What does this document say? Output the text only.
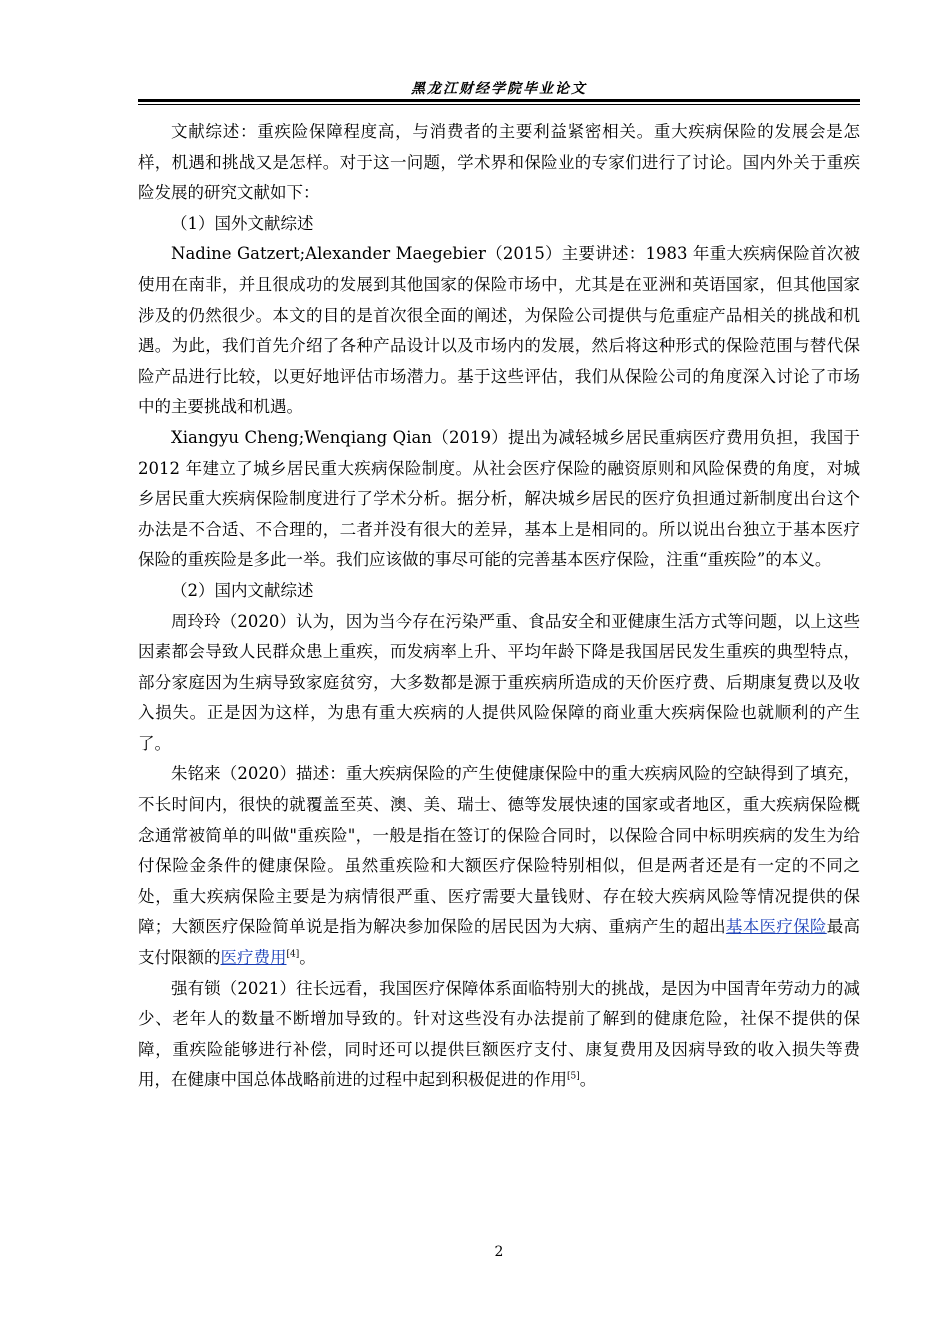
黑龙江财经学院毕业论文

文献综述：重疾险保障程度高，与消费者的主要利益紧密相关。重大疾病保险的发展会是怎样，机遇和挑战又是怎样。对于这一问题，学术界和保险业的专家们进行了讨论。国内外关于重疾险发展的研究文献如下：

（1）国外文献综述

Nadine Gatzert;Alexander Maegebier（2015）主要讲述：1983 年重大疾病保险首次被使用在南非，并且很成功的发展到其他国家的保险市场中，尤其是在亚洲和英语国家，但其他国家涉及的仍然很少。本文的目的是首次很全面的阐述，为保险公司提供与危重症产品相关的挑战和机遇。为此，我们首先介绍了各种产品设计以及市场内的发展，然后将这种形式的保险范围与替代保险产品进行比较，以更好地评估市场潜力。基于这些评估，我们从保险公司的角度深入讨论了市场中的主要挑战和机遇。

Xiangyu Cheng;Wenqiang Qian（2019）提出为减轻城乡居民重病医疗费用负担，我国于 2012 年建立了城乡居民重大疾病保险制度。从社会医疗保险的融资原则和风险保费的角度，对城乡居民重大疾病保险制度进行了学术分析。据分析，解决城乡居民的医疗负担通过新制度出台这个办法是不合适、不合理的，二者并没有很大的差异，基本上是相同的。所以说出台独立于基本医疗保险的重疾险是多此一举。我们应该做的事尽可能的完善基本医疗保险，注重“重疾险”的本义。

（2）国内文献综述

周玲玲（2020）认为，因为当今存在污染严重、食品安全和亚健康生活方式等问题，以上这些因素都会导致人民群众患上重疾，而发病率上升、平均年龄下降是我国居民发生重疾的典型特点，部分家庭因为生病导致家庭贫穷，大多数都是源于重疾病所造成的天价医疗费、后期康复费以及收入损失。正是因为这样，为患有重大疾病的人提供风险保障的商业重大疾病保险也就顺利的产生了。

朱铭来（2020）描述：重大疾病保险的产生使健康保险中的重大疾病风险的空缺得到了填充，不长时间内，很快的就覆盖至英、澳、美、瑞士、德等发展快速的国家或者地区，重大疾病保险概念通常被简单的叫做"重疾险"，一般是指在签订的保险合同时，以保险合同中标明疾病的发生为给付保险金条件的健康保险。虽然重疾险和大额医疗保险特别相似，但是两者还是有一定的不同之处，重大疾病保险主要是为病情很严重、医疗需要大量钱财、存在较大疾病风险等情况提供的保障；大额医疗保险简单说是指为解决参加保险的居民因为大病、重病产生的超出基本医疗保险最高支付限额的医疗费用[4]。

强有锁（2021）往长远看，我国医疗保障体系面临特别大的挑战，是因为中国青年劳动力的减少、老年人的数量不断增加导致的。针对这些没有办法提前了解到的健康危险，社保不提供的保障，重疾险能够进行补偿，同时还可以提供巨额医疗支付、康复费用及因病导致的收入损失等费用，在健康中国总体战略前进的过程中起到积极促进的作用[5]。

2
